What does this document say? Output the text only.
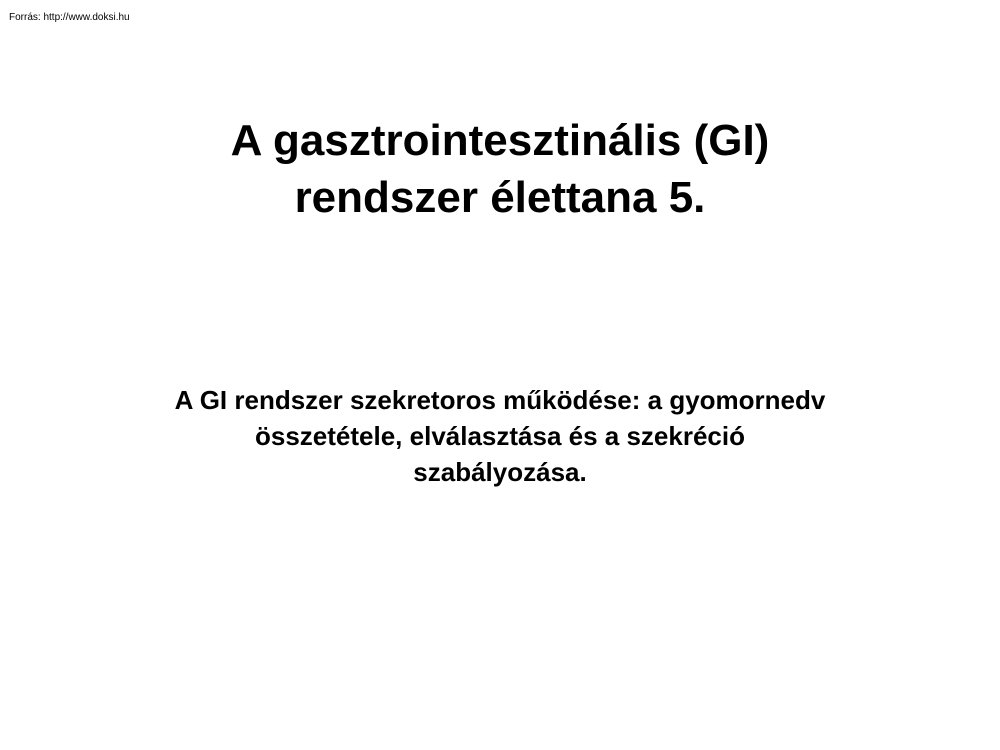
Forrás: http://www.doksi.hu
A gasztrointesztinális (GI)
rendszer élettana 5.
A GI rendszer szekretoros működése: a gyomornedv
összetétele, elválasztása és a szekréció
szabályozása.
